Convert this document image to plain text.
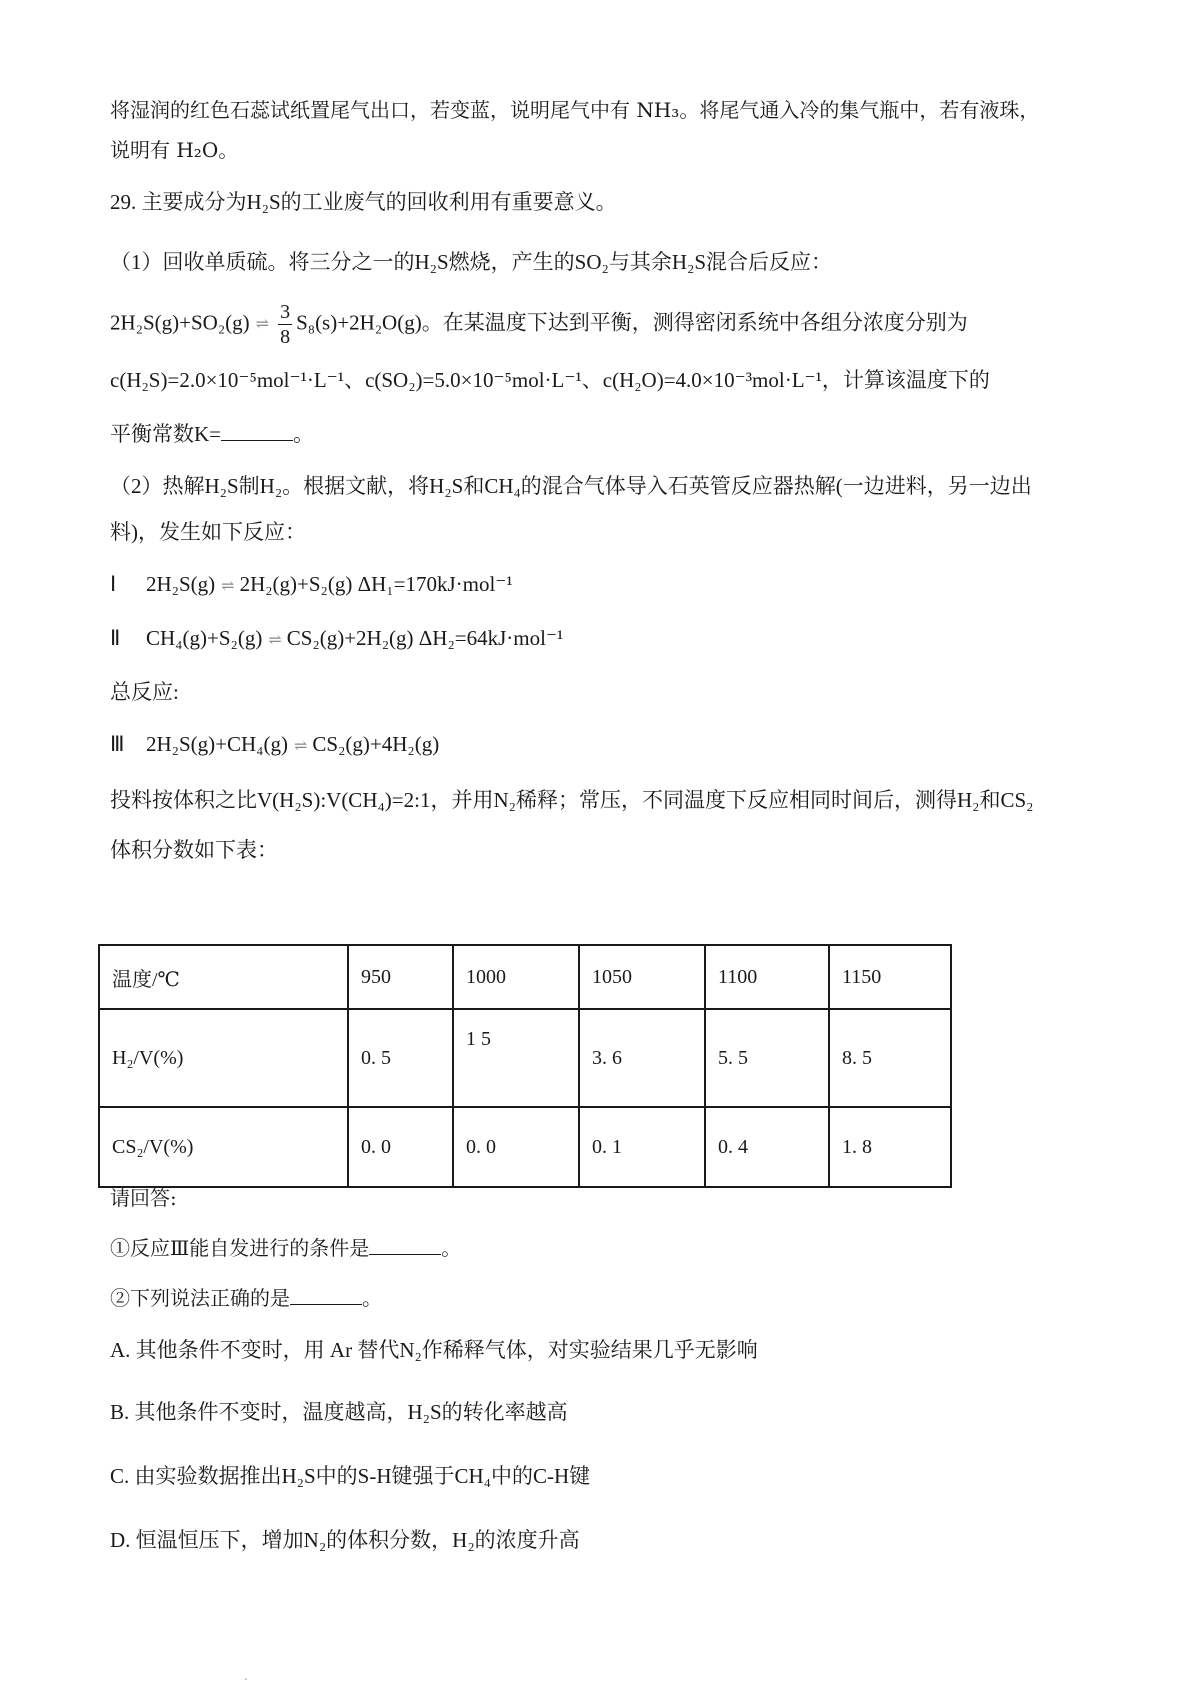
将湿润的红色石蕊试纸置尾气出口，若变蓝，说明尾气中有 NH₃。将尾气通入冷的集气瓶中，若有液珠，
说明有 H₂O。
29. 主要成分为H₂S的工业废气的回收利用有重要意义。
（1）回收单质硫。将三分之一的H₂S燃烧，产生的SO₂与其余H₂S混合后反应：
2H₂S(g)+SO₂(g) ⇌ $\frac{3}{8} S_8(s)+2H_2O(g)$。在某温度下达到平衡，测得密闭系统中各组分浓度分别为
c(H₂S)=2.0×10⁻⁵mol⁻¹·L⁻¹、c(SO₂)=5.0×10⁻⁵mol·L⁻¹、c(H₂O)=4.0×10⁻³mol·L⁻¹，计算该温度下的
平衡常数K=	。
（2）热解H₂S制H₂。根据文献，将H₂S和CH₄的混合气体导入石英管反应器热解(一边进料，另一边出
料)，发生如下反应：
Ⅰ 2H₂S(g) ⇌ 2H₂(g)+S₂(g) ΔH₁=170kJ·mol⁻¹
Ⅱ CH₄(g)+S₂(g) ⇌ CS₂(g)+2H₂(g) ΔH₂=64kJ·mol⁻¹
总反应:
Ⅲ 2H₂S(g)+CH₄(g) ⇌ CS₂(g)+4H₂(g)
投料按体积之比V(H₂S):V(CH₄)=2:1，并用N₂稀释；常压，不同温度下反应相同时间后，测得H₂和CS₂
体积分数如下表：
温度/℃	950	1000	1050	1100	1150
H₂/V(%)	0. 5	1 5	3. 6	5. 5	8. 5
CS₂/V(%)	0. 0	0. 0	0. 1	0. 4	1. 8
请回答:
①反应Ⅲ能自发进行的条件是	。
②下列说法正确的是	。
A. 其他条件不变时，用 Ar 替代N₂作稀释气体，对实验结果几乎无影响
B. 其他条件不变时，温度越高，H₂S的转化率越高
C. 由实验数据推出H₂S中的S-H键强于CH₄中的C-H键
D. 恒温恒压下，增加N₂的体积分数，H₂的浓度升高
.
